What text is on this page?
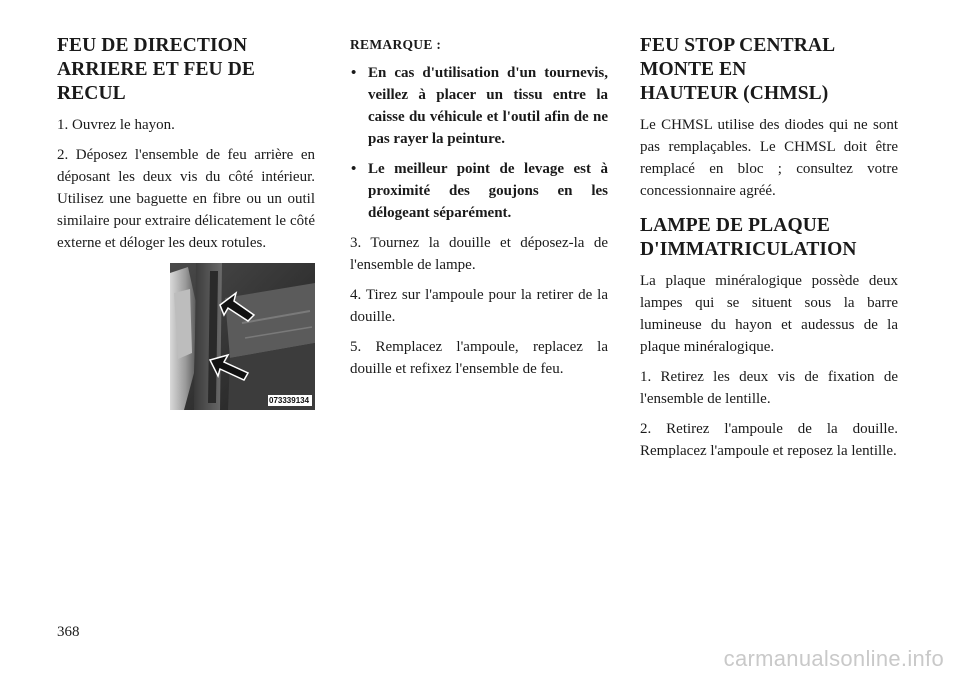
FEU DE DIRECTION ARRIERE ET FEU DE RECUL

1. Ouvrez le hayon.

2. Déposez l'ensemble de feu arrière en déposant les deux vis du côté intérieur. Utilisez une baguette en fibre ou un outil similaire pour extraire délicatement le côté externe et déloger les deux rotules.

073339134
REMARQUE :
• En cas d'utilisation d'un tournevis, veillez à placer un tissu entre la caisse du véhicule et l'outil afin de ne pas rayer la peinture.
• Le meilleur point de levage est à proximité des goujons en les délogeant séparément.

3. Tournez la douille et déposez-la de l'ensemble de lampe.

4. Tirez sur l'ampoule pour la retirer de la douille.

5. Remplacez l'ampoule, replacez la douille et refixez l'ensemble de feu.

FEU STOP CENTRAL MONTE EN HAUTEUR (CHMSL)

Le CHMSL utilise des diodes qui ne sont pas remplaçables. Le CHMSL doit être remplacé en bloc ; consultez votre concessionnaire agréé.

LAMPE DE PLAQUE D'IMMATRICULATION

La plaque minéralogique possède deux lampes qui se situent sous la barre lumineuse du hayon et audessus de la plaque minéralogique.

1. Retirez les deux vis de fixation de l'ensemble de lentille.

2. Retirez l'ampoule de la douille. Remplacez l'ampoule et reposez la lentille.

368
carmanualsonline.info
